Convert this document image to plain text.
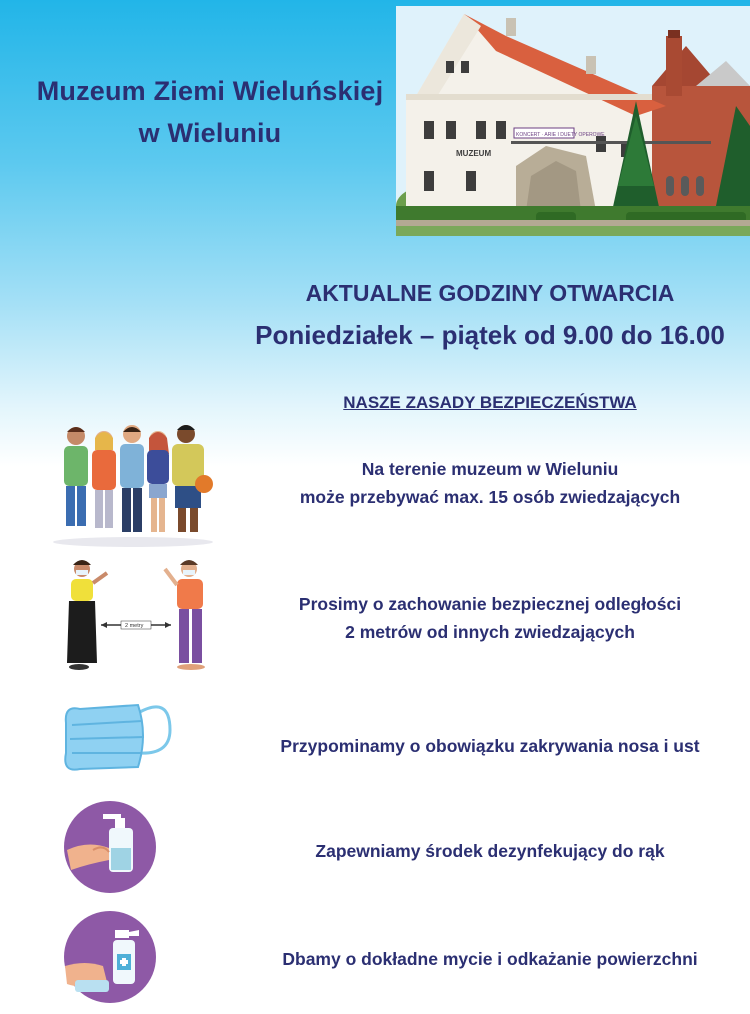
Muzeum Ziemi Wieluńskiej
w Wieluniu
MUZEUM
KONCERT · ARIE I DUETY OPEROWE
AKTUALNE GODZINY OTWARCIA
Poniedziałek – piątek od 9.00 do 16.00
NASZE ZASADY BEZPIECZEŃSTWA
Na terenie muzeum w Wieluniu
może przebywać max. 15 osób zwiedzających
2 metry
Prosimy o zachowanie bezpiecznej odległości
2 metrów od innych zwiedzających
Przypominamy o obowiązku zakrywania nosa i ust
Zapewniamy środek dezynfekujący do rąk
Dbamy o dokładne mycie i odkażanie powierzchni
